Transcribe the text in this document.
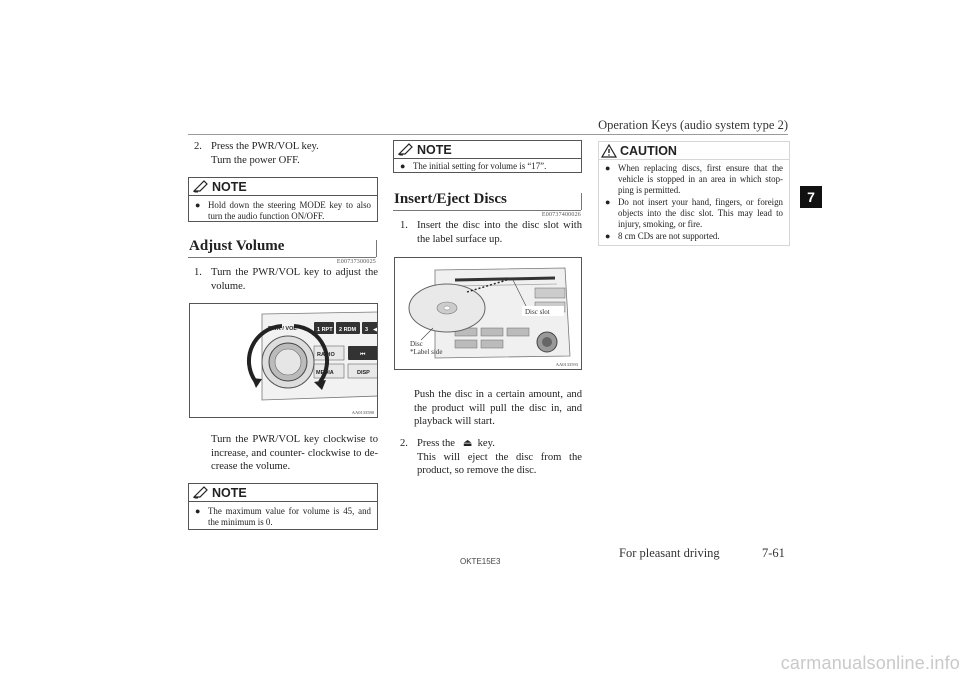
Operation Keys (audio system type 2)
7
2. Press the PWR/VOL key.
Turn the power OFF.
NOTE
● Hold down the steering MODE key to also turn the audio function ON/OFF.
Adjust Volume
E00737300025
1. Turn the PWR/VOL key to adjust the volume.
1 RPT 2 RDM 3 ◀
⏮
RADIO
MEDIA	DISP
PWR / VOL
AA0133580
Turn the PWR/VOL key clockwise to increase, and counter- clockwise to de-crease the volume.
NOTE
● The maximum value for volume is 45, and the minimum is 0.
NOTE
● The initial setting for volume is “17”.
Insert/Eject Discs
E00737400026
1. Insert the disc into the disc slot with the label surface up.
Disc slot
Disc
*Label side
AA0133593
Push the disc in a certain amount, and the product will pull the disc in, and playback will start.
2. Press the ⏏ key.
This will eject the disc from the product, so remove the disc.
CAUTION
● When replacing discs, first ensure that the vehicle is stopped in an area in which stop-ping is permitted.
● Do not insert your hand, fingers, or foreign objects into the disc slot. This may lead to injury, smoking, or fire.
● 8 cm CDs are not supported.
OKTE15E3
For pleasant driving	7-61
carmanualsonline.info
